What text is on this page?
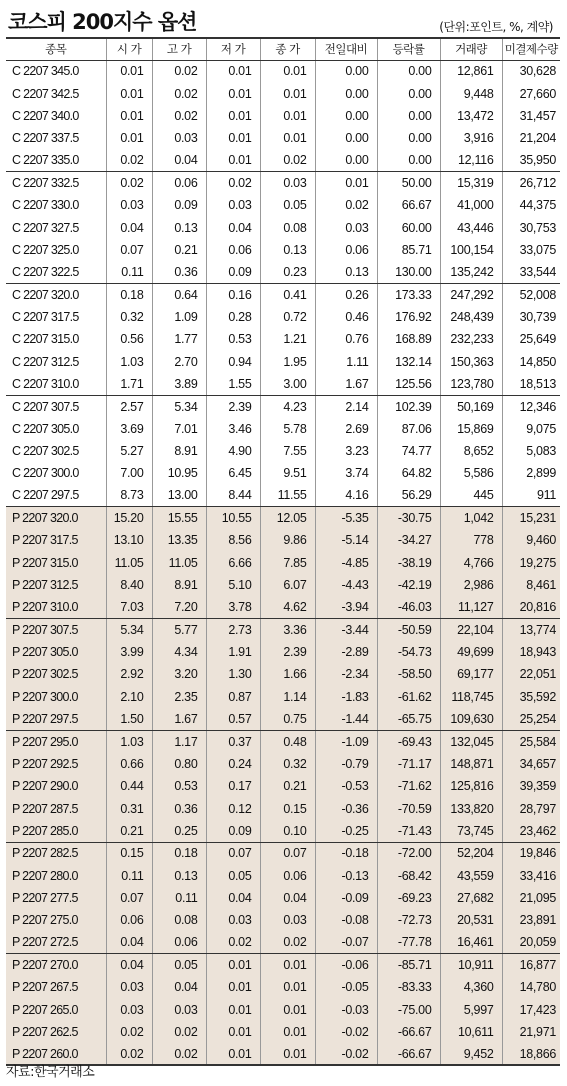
코스피 200지수 옵션	(단위:포인트, %, 계약)
종목	시 가	고 가	저 가	종 가	전일대비	등락률	거래량	미결제수량
C 2207 345.0	0.01	0.02	0.01	0.01	0.00	0.00	12,861	30,628
C 2207 342.5	0.01	0.02	0.01	0.01	0.00	0.00	9,448	27,660
C 2207 340.0	0.01	0.02	0.01	0.01	0.00	0.00	13,472	31,457
C 2207 337.5	0.01	0.03	0.01	0.01	0.00	0.00	3,916	21,204
C 2207 335.0	0.02	0.04	0.01	0.02	0.00	0.00	12,116	35,950
C 2207 332.5	0.02	0.06	0.02	0.03	0.01	50.00	15,319	26,712
C 2207 330.0	0.03	0.09	0.03	0.05	0.02	66.67	41,000	44,375
C 2207 327.5	0.04	0.13	0.04	0.08	0.03	60.00	43,446	30,753
C 2207 325.0	0.07	0.21	0.06	0.13	0.06	85.71	100,154	33,075
C 2207 322.5	0.11	0.36	0.09	0.23	0.13	130.00	135,242	33,544
C 2207 320.0	0.18	0.64	0.16	0.41	0.26	173.33	247,292	52,008
C 2207 317.5	0.32	1.09	0.28	0.72	0.46	176.92	248,439	30,739
C 2207 315.0	0.56	1.77	0.53	1.21	0.76	168.89	232,233	25,649
C 2207 312.5	1.03	2.70	0.94	1.95	1.11	132.14	150,363	14,850
C 2207 310.0	1.71	3.89	1.55	3.00	1.67	125.56	123,780	18,513
C 2207 307.5	2.57	5.34	2.39	4.23	2.14	102.39	50,169	12,346
C 2207 305.0	3.69	7.01	3.46	5.78	2.69	87.06	15,869	9,075
C 2207 302.5	5.27	8.91	4.90	7.55	3.23	74.77	8,652	5,083
C 2207 300.0	7.00	10.95	6.45	9.51	3.74	64.82	5,586	2,899
C 2207 297.5	8.73	13.00	8.44	11.55	4.16	56.29	445	911
P 2207 320.0	15.20	15.55	10.55	12.05	-5.35	-30.75	1,042	15,231
P 2207 317.5	13.10	13.35	8.56	9.86	-5.14	-34.27	778	9,460
P 2207 315.0	11.05	11.05	6.66	7.85	-4.85	-38.19	4,766	19,275
P 2207 312.5	8.40	8.91	5.10	6.07	-4.43	-42.19	2,986	8,461
P 2207 310.0	7.03	7.20	3.78	4.62	-3.94	-46.03	11,127	20,816
P 2207 307.5	5.34	5.77	2.73	3.36	-3.44	-50.59	22,104	13,774
P 2207 305.0	3.99	4.34	1.91	2.39	-2.89	-54.73	49,699	18,943
P 2207 302.5	2.92	3.20	1.30	1.66	-2.34	-58.50	69,177	22,051
P 2207 300.0	2.10	2.35	0.87	1.14	-1.83	-61.62	118,745	35,592
P 2207 297.5	1.50	1.67	0.57	0.75	-1.44	-65.75	109,630	25,254
P 2207 295.0	1.03	1.17	0.37	0.48	-1.09	-69.43	132,045	25,584
P 2207 292.5	0.66	0.80	0.24	0.32	-0.79	-71.17	148,871	34,657
P 2207 290.0	0.44	0.53	0.17	0.21	-0.53	-71.62	125,816	39,359
P 2207 287.5	0.31	0.36	0.12	0.15	-0.36	-70.59	133,820	28,797
P 2207 285.0	0.21	0.25	0.09	0.10	-0.25	-71.43	73,745	23,462
P 2207 282.5	0.15	0.18	0.07	0.07	-0.18	-72.00	52,204	19,846
P 2207 280.0	0.11	0.13	0.05	0.06	-0.13	-68.42	43,559	33,416
P 2207 277.5	0.07	0.11	0.04	0.04	-0.09	-69.23	27,682	21,095
P 2207 275.0	0.06	0.08	0.03	0.03	-0.08	-72.73	20,531	23,891
P 2207 272.5	0.04	0.06	0.02	0.02	-0.07	-77.78	16,461	20,059
P 2207 270.0	0.04	0.05	0.01	0.01	-0.06	-85.71	10,911	16,877
P 2207 267.5	0.03	0.04	0.01	0.01	-0.05	-83.33	4,360	14,780
P 2207 265.0	0.03	0.03	0.01	0.01	-0.03	-75.00	5,997	17,423
P 2207 262.5	0.02	0.02	0.01	0.01	-0.02	-66.67	10,611	21,971
P 2207 260.0	0.02	0.02	0.01	0.01	-0.02	-66.67	9,452	18,866
자료:한국거래소
